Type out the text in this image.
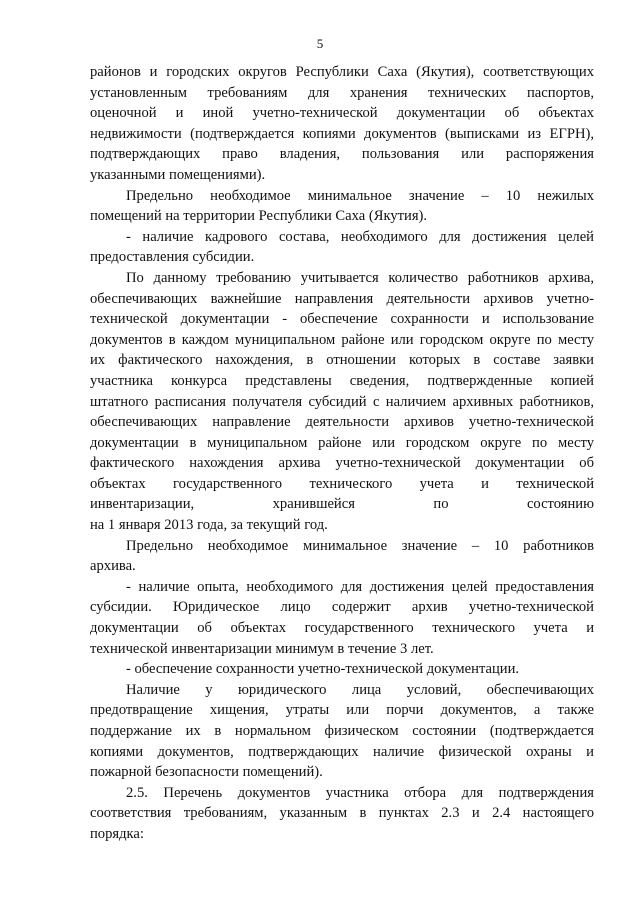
5
районов и городских округов Республики Саха (Якутия), соответствующих
установленным требованиям для хранения технических паспортов,
оценочной и иной учетно-технической документации об объектах
недвижимости (подтверждается копиями документов (выписками из ЕГРН),
подтверждающих право владения, пользования или распоряжения
указанными помещениями).
Предельно необходимое минимальное значение – 10 нежилых
помещений на территории Республики Саха (Якутия).
- наличие кадрового состава, необходимого для достижения целей
предоставления субсидии.
По данному требованию учитывается количество работников архива,
обеспечивающих важнейшие направления деятельности архивов учетно-
технической документации - обеспечение сохранности и использование
документов в каждом муниципальном районе или городском округе по месту
их фактического нахождения, в отношении которых в составе заявки
участника конкурса представлены сведения, подтвержденные копией
штатного расписания получателя субсидий с наличием архивных работников,
обеспечивающих направление деятельности архивов учетно-технической
документации в муниципальном районе или городском округе по месту
фактического нахождения архива учетно-технической документации об
объектах государственного технического учета и технической
инвентаризации, хранившейся по состоянию
на 1 января 2013 года, за текущий год.
Предельно необходимое минимальное значение – 10 работников
архива.
- наличие опыта, необходимого для достижения целей предоставления
субсидии. Юридическое лицо содержит архив учетно-технической
документации об объектах государственного технического учета и
технической инвентаризации минимум в течение 3 лет.
- обеспечение сохранности учетно-технической документации.
Наличие у юридического лица условий, обеспечивающих
предотвращение хищения, утраты или порчи документов, а также
поддержание их в нормальном физическом состоянии (подтверждается
копиями документов, подтверждающих наличие физической охраны и
пожарной безопасности помещений).
2.5. Перечень документов участника отбора для подтверждения
соответствия требованиям, указанным в пунктах 2.3 и 2.4 настоящего
порядка:
